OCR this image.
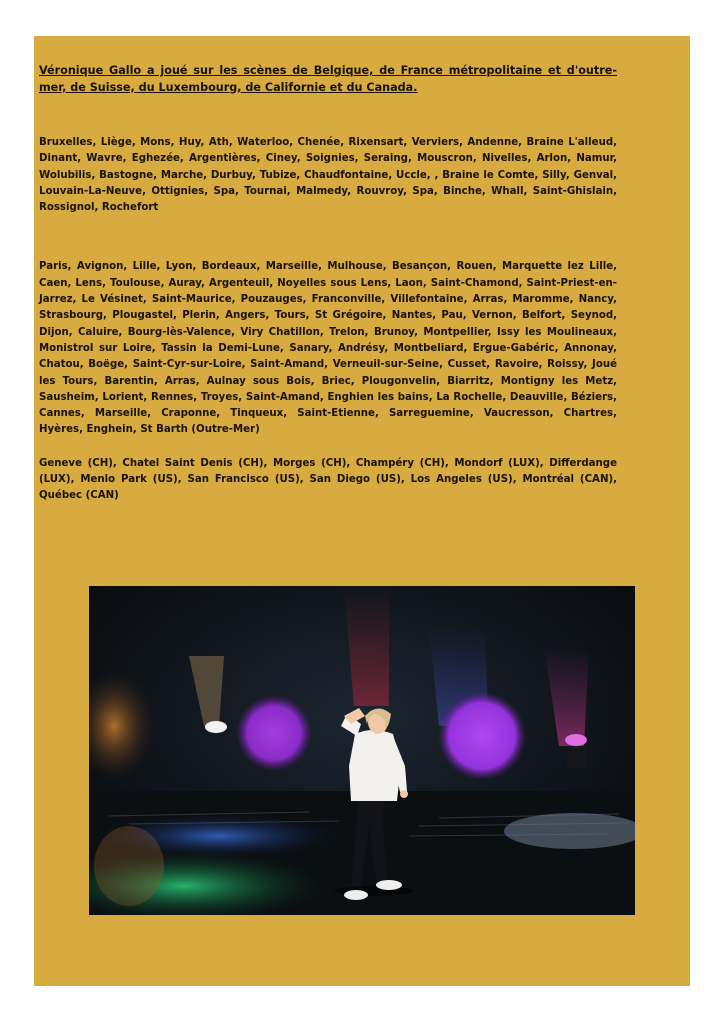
Véronique Gallo a joué sur les scènes de Belgique, de France métropolitaine et d'outre-mer, de Suisse, du Luxembourg, de Californie et du Canada.

Bruxelles, Liège, Mons, Huy, Ath, Waterloo, Chenée, Rixensart, Verviers, Andenne, Braine L'alleud, Dinant, Wavre, Eghezée, Argentières, Ciney, Soignies, Seraing, Mouscron, Nivelles, Arlon, Namur, Wolubilis, Bastogne, Marche, Durbuy, Tubize, Chaudfontaine, Uccle, , Braine le Comte, Silly, Genval, Louvain-La-Neuve, Ottignies, Spa, Tournai, Malmedy, Rouvroy, Spa, Binche, Whall, Saint-Ghislain, Rossignol, Rochefort

Paris, Avignon, Lille, Lyon, Bordeaux, Marseille, Mulhouse, Besançon, Rouen, Marquette lez Lille, Caen, Lens, Toulouse, Auray, Argenteuil, Noyelles sous Lens, Laon, Saint-Chamond, Saint-Priest-en-Jarrez, Le Vésinet, Saint-Maurice, Pouzauges, Franconville, Villefontaine, Arras, Maromme, Nancy, Strasbourg, Plougastel, Plerin, Angers, Tours, St Grégoire, Nantes, Pau, Vernon, Belfort, Seynod, Dijon, Caluire, Bourg-lès-Valence, Viry Chatillon, Trelon, Brunoy, Montpellier, Issy les Moulineaux, Monistrol sur Loire, Tassin la Demi-Lune, Sanary, Andrésy, Montbeliard, Ergue-Gabéric, Annonay, Chatou, Boëge, Saint-Cyr-sur-Loire, Saint-Amand, Verneuil-sur-Seine, Cusset, Ravoire, Roissy, Joué les Tours, Barentin, Arras, Aulnay sous Bois, Briec, Plougonvelin, Biarritz, Montigny les Metz, Sausheim, Lorient, Rennes, Troyes, Saint-Amand, Enghien les bains, La Rochelle, Deauville, Béziers, Cannes, Marseille, Craponne, Tinqueux, Saint-Etienne, Sarreguemine, Vaucresson, Chartres, Hyères, Enghein, St Barth (Outre-Mer)

Geneve (CH), Chatel Saint Denis (CH), Morges (CH), Champéry (CH), Mondorf (LUX), Differdange (LUX), Menlo Park (US), San Francisco (US), San Diego (US), Los Angeles (US), Montréal (CAN), Québec (CAN)
